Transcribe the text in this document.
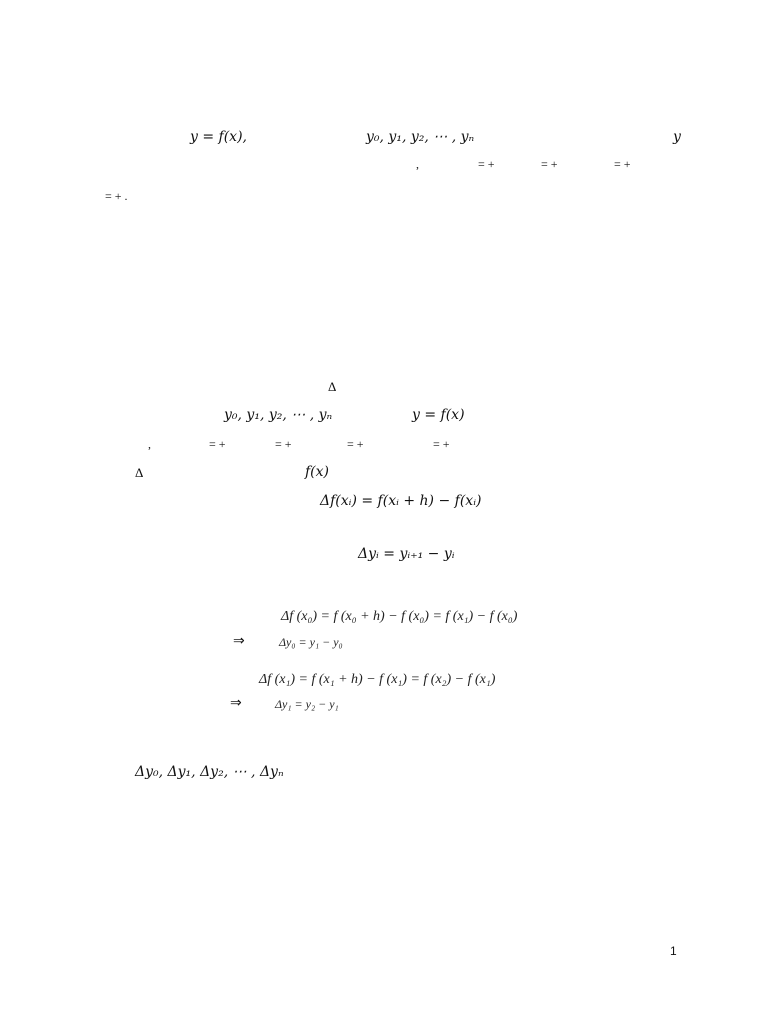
y = f(x),	y₀, y₁, y₂, ⋯ , yₙ	y
,	= +	= +	= +
= + .
Δ
y₀, y₁, y₂, ⋯ , yₙ	y = f(x)
,	= +	= +	= +	= +
Δ	f(x)
Δf(xᵢ) = f(xᵢ + h) − f(xᵢ)
Δyᵢ = yᵢ₊₁ − yᵢ
Δf (x₀) = f (x₀ + h) − f (x₀) = f (x₁) − f (x₀)
⇒	Δy₀ = y₁ − y₀
Δf (x₁) = f (x₁ + h) − f (x₁) = f (x₂) − f (x₁)
⇒	Δy₁ = y₂ − y₁
Δy₀, Δy₁, Δy₂, ⋯ , Δyₙ
1
